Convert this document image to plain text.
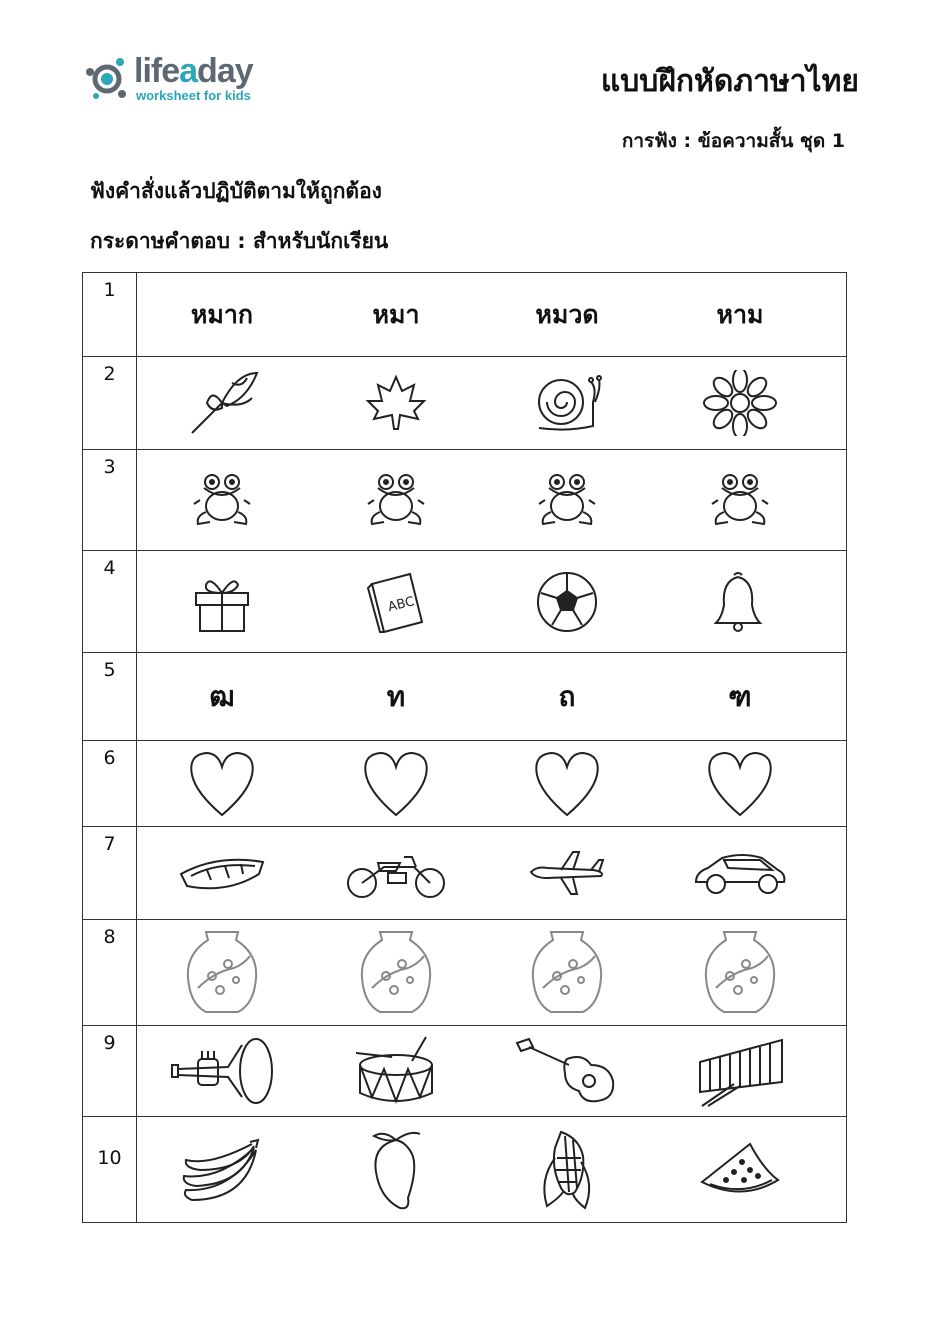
lifeaday
worksheet for kids	แบบฝึกหัดภาษาไทย
การฟัง : ข้อความสั้น ชุด 1
ฟังคำสั่งแล้วปฏิบัติตามให้ถูกต้อง
กระดาษคำตอบ : สำหรับนักเรียน
1	หมาก หมา หมวด หาม

2	

3	

4	ABC

5	ฒ ท ถ ฑ

6	

7	

8	

9	

10	
